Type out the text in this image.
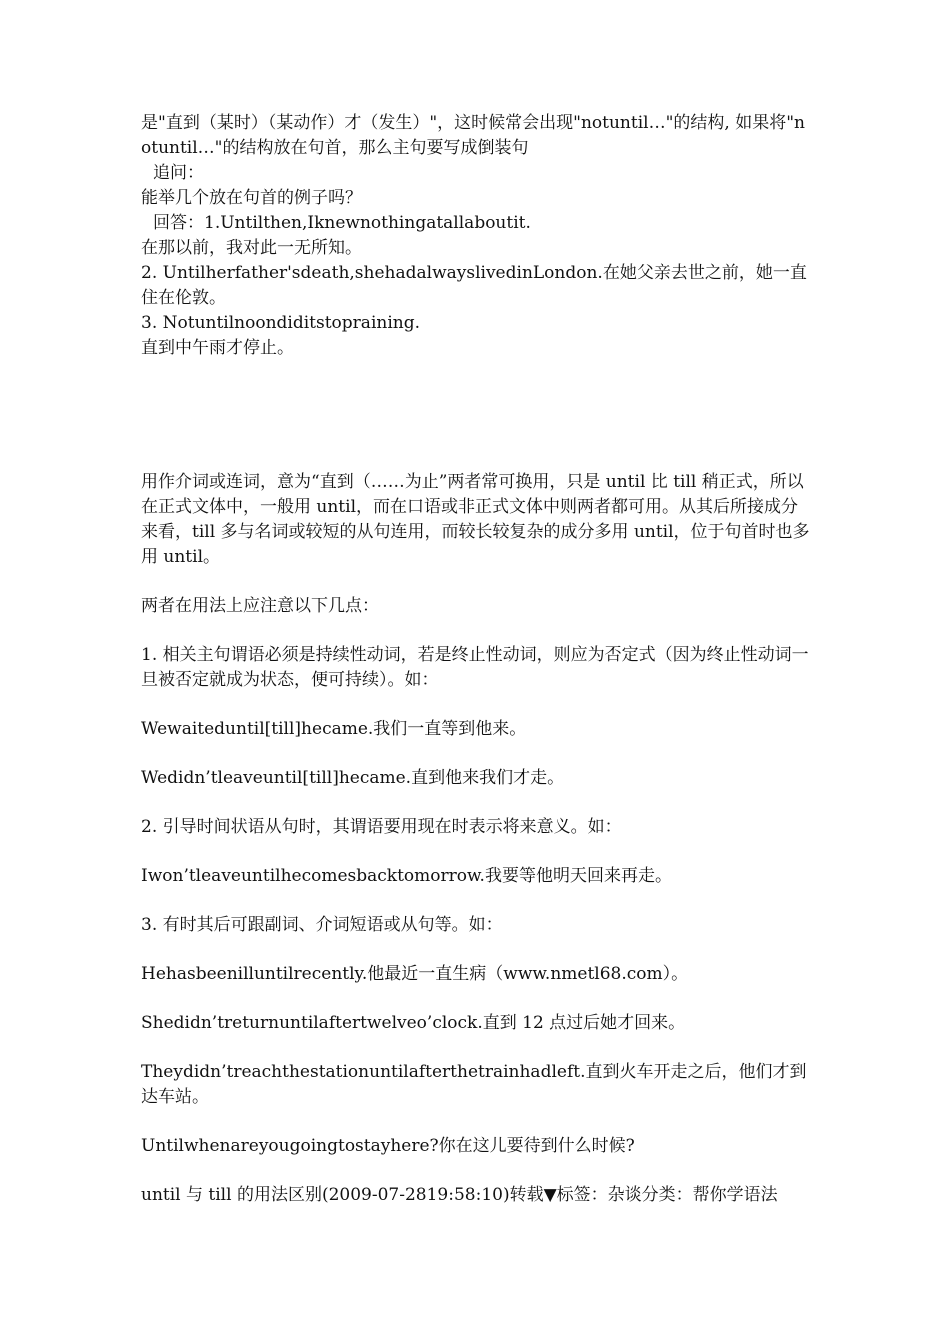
是"直到（某时）（某动作）才（发生）"，这时候常会出现"notuntil…"的结构, 如果将"notuntil…"的结构放在句首，那么主句要写成倒装句

追问：

能举几个放在句首的例子吗？

回答：1.Untilthen,Iknewnothingatallaboutit.

在那以前，我对此一无所知。

2. Untilherfather'sdeath,shehadalwayslivedinLondon.在她父亲去世之前，她一直住在伦敦。

3. Notuntilnoondiditstopraining.

直到中午雨才停止。

用作介词或连词，意为“直到（……为止”两者常可换用，只是 until 比 till 稍正式，所以在正式文体中，一般用 until，而在口语或非正式文体中则两者都可用。从其后所接成分来看，till 多与名词或较短的从句连用，而较长较复杂的成分多用 until，位于句首时也多用 until。

两者在用法上应注意以下几点：

1. 相关主句谓语必须是持续性动词，若是终止性动词，则应为否定式（因为终止性动词一旦被否定就成为状态，便可持续）。如：

Wewaiteduntil[till]hecame.我们一直等到他来。

Wedidn’tleaveuntil[till]hecame.直到他来我们才走。

2. 引导时间状语从句时，其谓语要用现在时表示将来意义。如：

Iwon’tleaveuntilhecomesbacktomorrow.我要等他明天回来再走。

3. 有时其后可跟副词、介词短语或从句等。如：

Hehasbeenilluntilrecently.他最近一直生病（www.nmetl68.com）。

Shedidn’treturnuntilaftertwelveo’clock.直到 12 点过后她才回来。

Theydidn’treachthestationuntilafterthetrainhadleft.直到火车开走之后，他们才到达车站。

Untilwhenareyougoingtostayhere?你在这儿要待到什么时候?

until 与 till 的用法区别(2009-07-2819:58:10)转载▼标签：杂谈分类：帮你学语法
